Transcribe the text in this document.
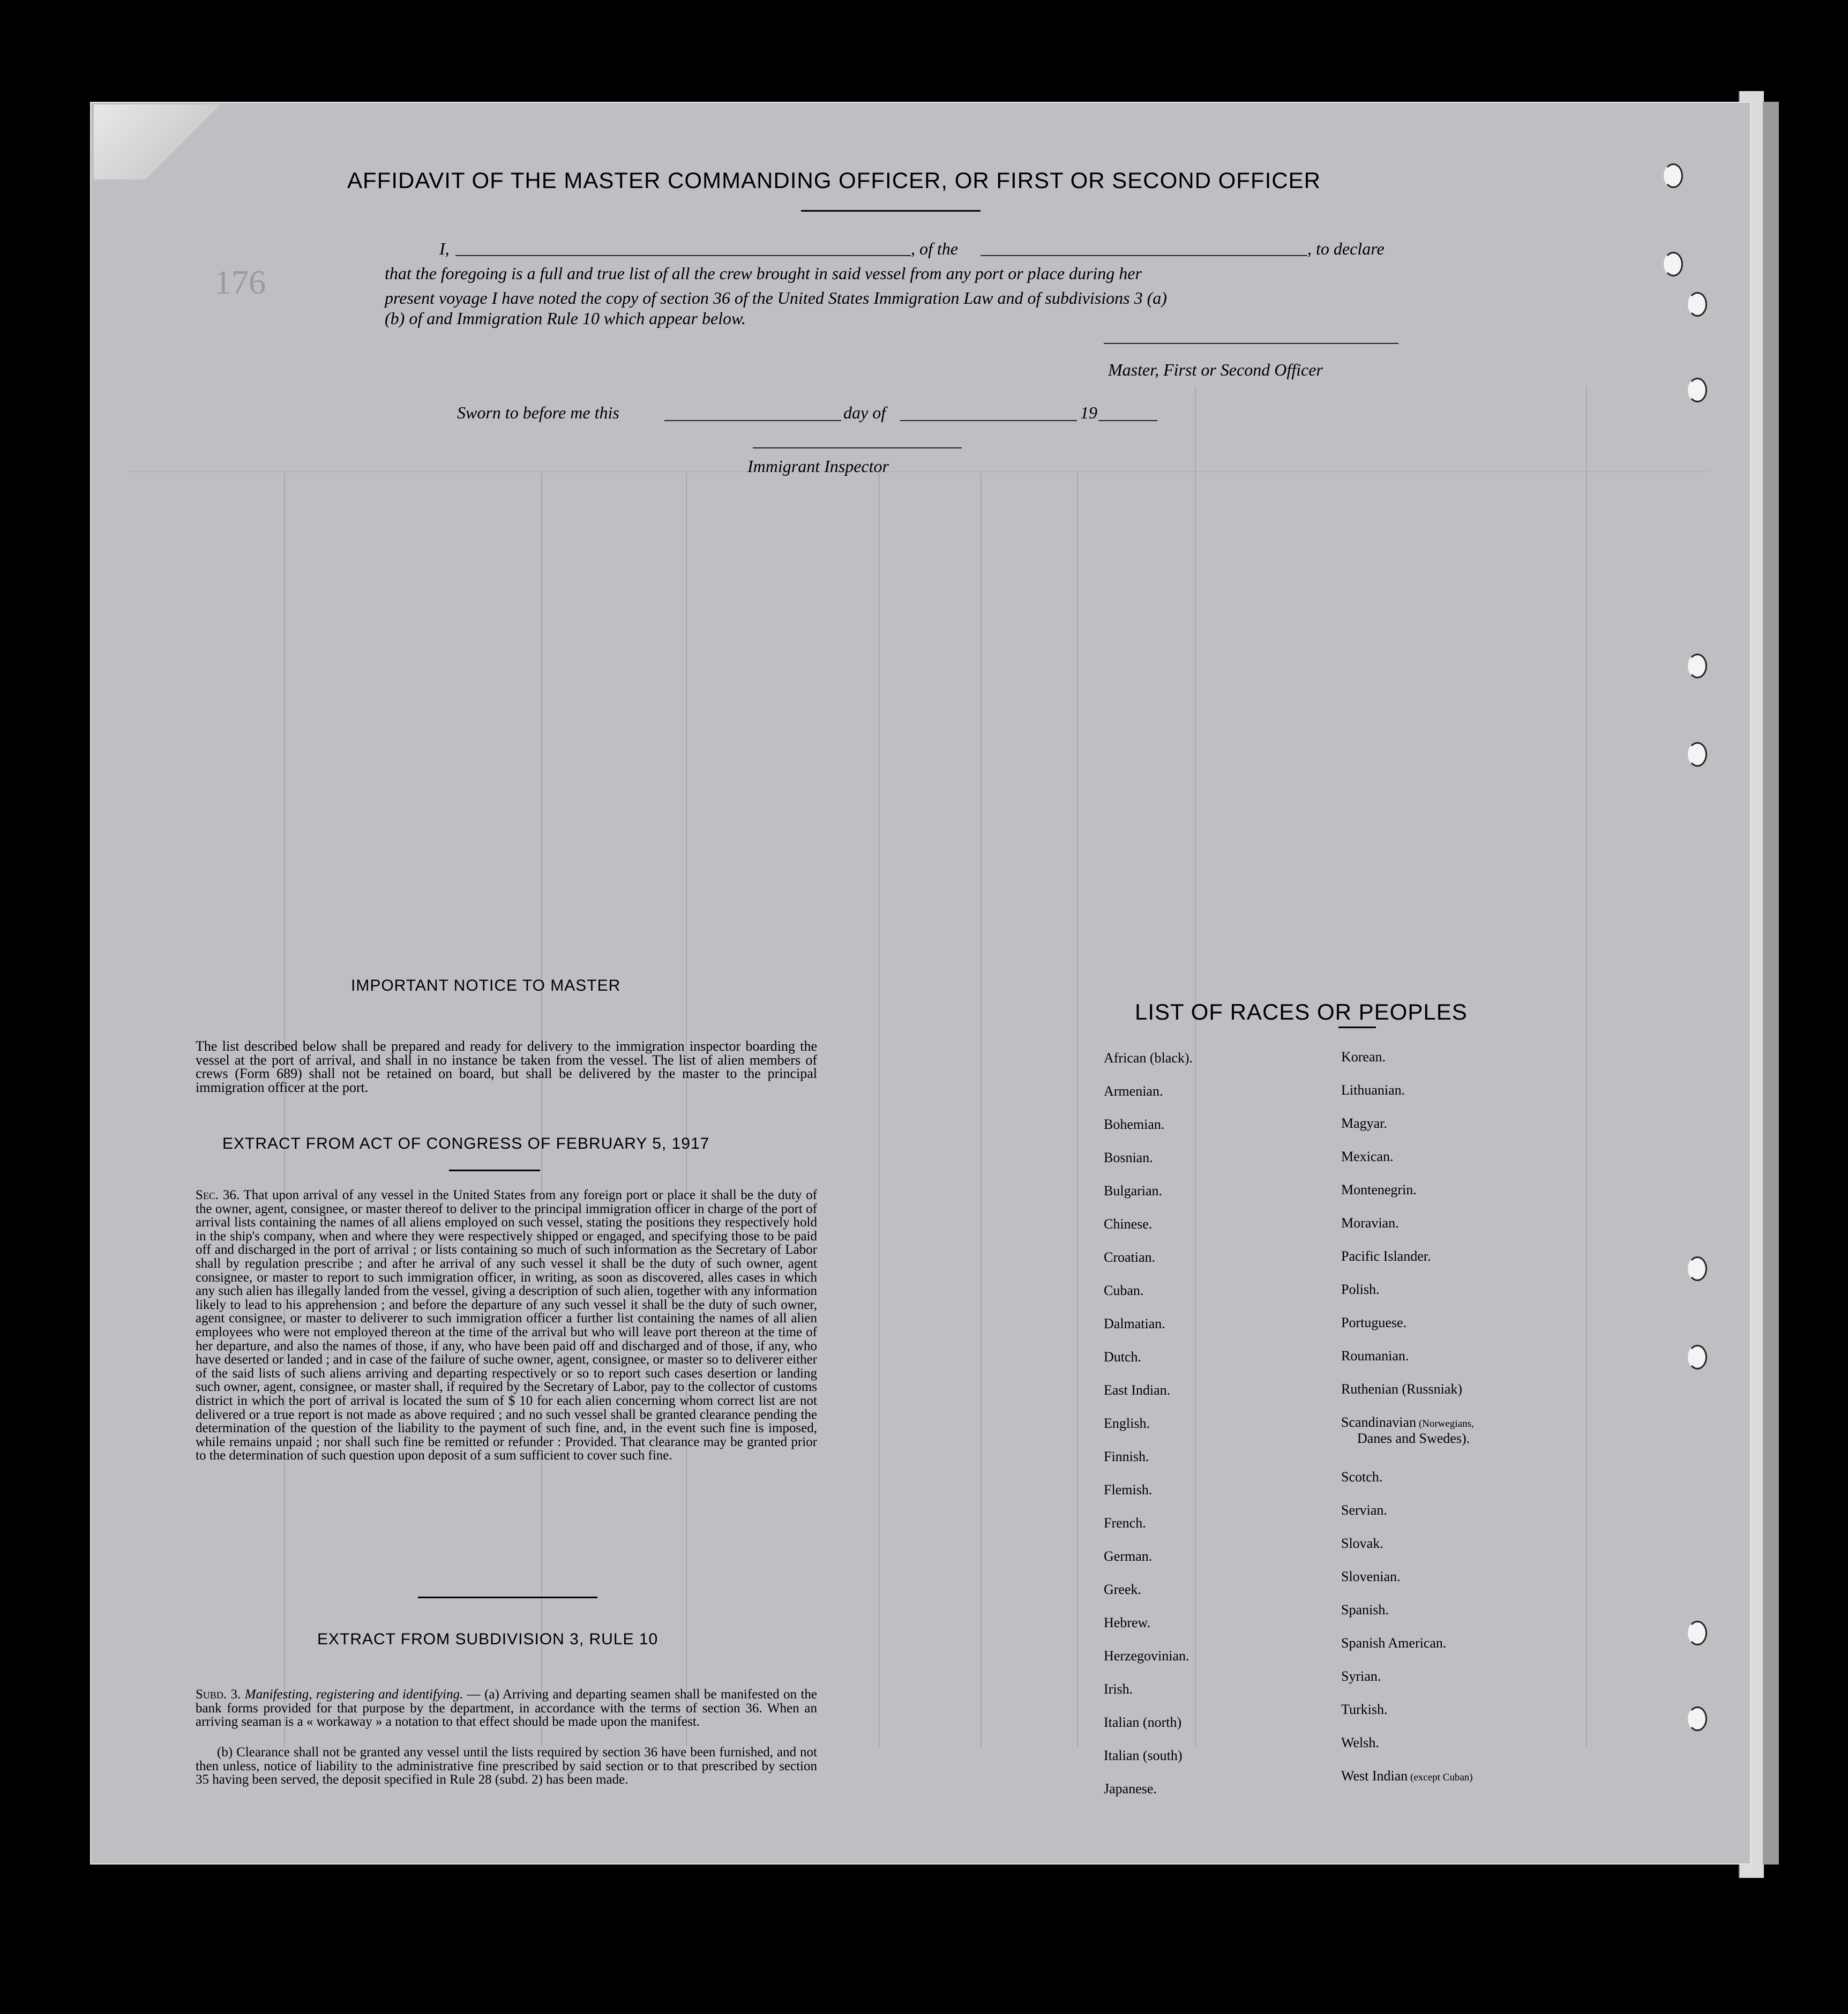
176
AFFIDAVIT OF THE MASTER COMMANDING OFFICER, OR FIRST OR SECOND OFFICER
I,	, of the	, to declare
that the foregoing is a full and true list of all the crew brought in said vessel from any port or place during her
present voyage I have noted the copy of section 36 of the United States Immigration Law and of subdivisions 3 (a)
(b) of and Immigration Rule 10 which appear below.
Master, First or Second Officer
Sworn to before me this	day of	19
Immigrant Inspector
IMPORTANT NOTICE TO MASTER
The list described below shall be prepared and ready for delivery to the immigration inspector boarding the vessel at the port of arrival, and shall in no instance be taken from the vessel. The list of alien members of crews (Form 689) shall not be retained on board, but shall be delivered by the master to the principal immigration officer at the port.
EXTRACT FROM ACT OF CONGRESS OF FEBRUARY 5, 1917
Sec. 36. That upon arrival of any vessel in the United States from any foreign port or place it shall be the duty of the owner, agent, consignee, or master thereof to deliver to the principal immigration officer in charge of the port of arrival lists containing the names of all aliens employed on such vessel, stating the positions they respectively hold in the ship's company, when and where they were respectively shipped or engaged, and specifying those to be paid off and discharged in the port of arrival ; or lists containing so much of such information as the Secretary of Labor shall by regulation prescribe ; and after he arrival of any such vessel it shall be the duty of such owner, agent consignee, or master to report to such immigration officer, in writing, as soon as discovered, alles cases in which any such alien has illegally landed from the vessel, giving a description of such alien, together with any information likely to lead to his apprehension ; and before the departure of any such vessel it shall be the duty of such owner, agent consignee, or master to deliverer to such immigration officer a further list containing the names of all alien employees who were not employed thereon at the time of the arrival but who will leave port thereon at the time of her departure, and also the names of those, if any, who have been paid off and discharged and of those, if any, who have deserted or landed ; and in case of the failure of suche owner, agent, consignee, or master so to deliverer either of the said lists of such aliens arriving and departing respectively or so to report such cases desertion or landing such owner, agent, consignee, or master shall, if required by the Secretary of Labor, pay to the collector of customs district in which the port of arrival is located the sum of $ 10 for each alien concerning whom correct list are not delivered or a true report is not made as above required ; and no such vessel shall be granted clearance pending the determination of the question of the liability to the payment of such fine, and, in the event such fine is imposed, while remains unpaid ; nor shall such fine be remitted or refunder : Provided. That clearance may be granted prior to the determination of such question upon deposit of a sum sufficient to cover such fine.
EXTRACT FROM SUBDIVISION 3, RULE 10
Subd. 3. Manifesting, registering and identifying. — (a) Arriving and departing seamen shall be manifested on the bank forms provided for that purpose by the department, in accordance with the terms of section 36. When an arriving seaman is a « workaway » a notation to that effect should be made upon the manifest.
(b) Clearance shall not be granted any vessel until the lists required by section 36 have been furnished, and not then unless, notice of liability to the administrative fine prescribed by said section or to that prescribed by section 35 having been served, the deposit specified in Rule 28 (subd. 2) has been made.
LIST OF RACES OR PEOPLES
African (black).
Armenian.
Bohemian.
Bosnian.
Bulgarian.
Chinese.
Croatian.
Cuban.
Dalmatian.
Dutch.
East Indian.
English.
Finnish.
Flemish.
French.
German.
Greek.
Hebrew.
Herzegovinian.
Irish.
Italian (north)
Italian (south)
Japanese.
Korean.
Lithuanian.
Magyar.
Mexican.
Montenegrin.
Moravian.
Pacific Islander.
Polish.
Portuguese.
Roumanian.
Ruthenian (Russniak)
Scandinavian (Norwegians,
Danes and Swedes).
Scotch.
Servian.
Slovak.
Slovenian.
Spanish.
Spanish American.
Syrian.
Turkish.
Welsh.
West Indian (except Cuban)
